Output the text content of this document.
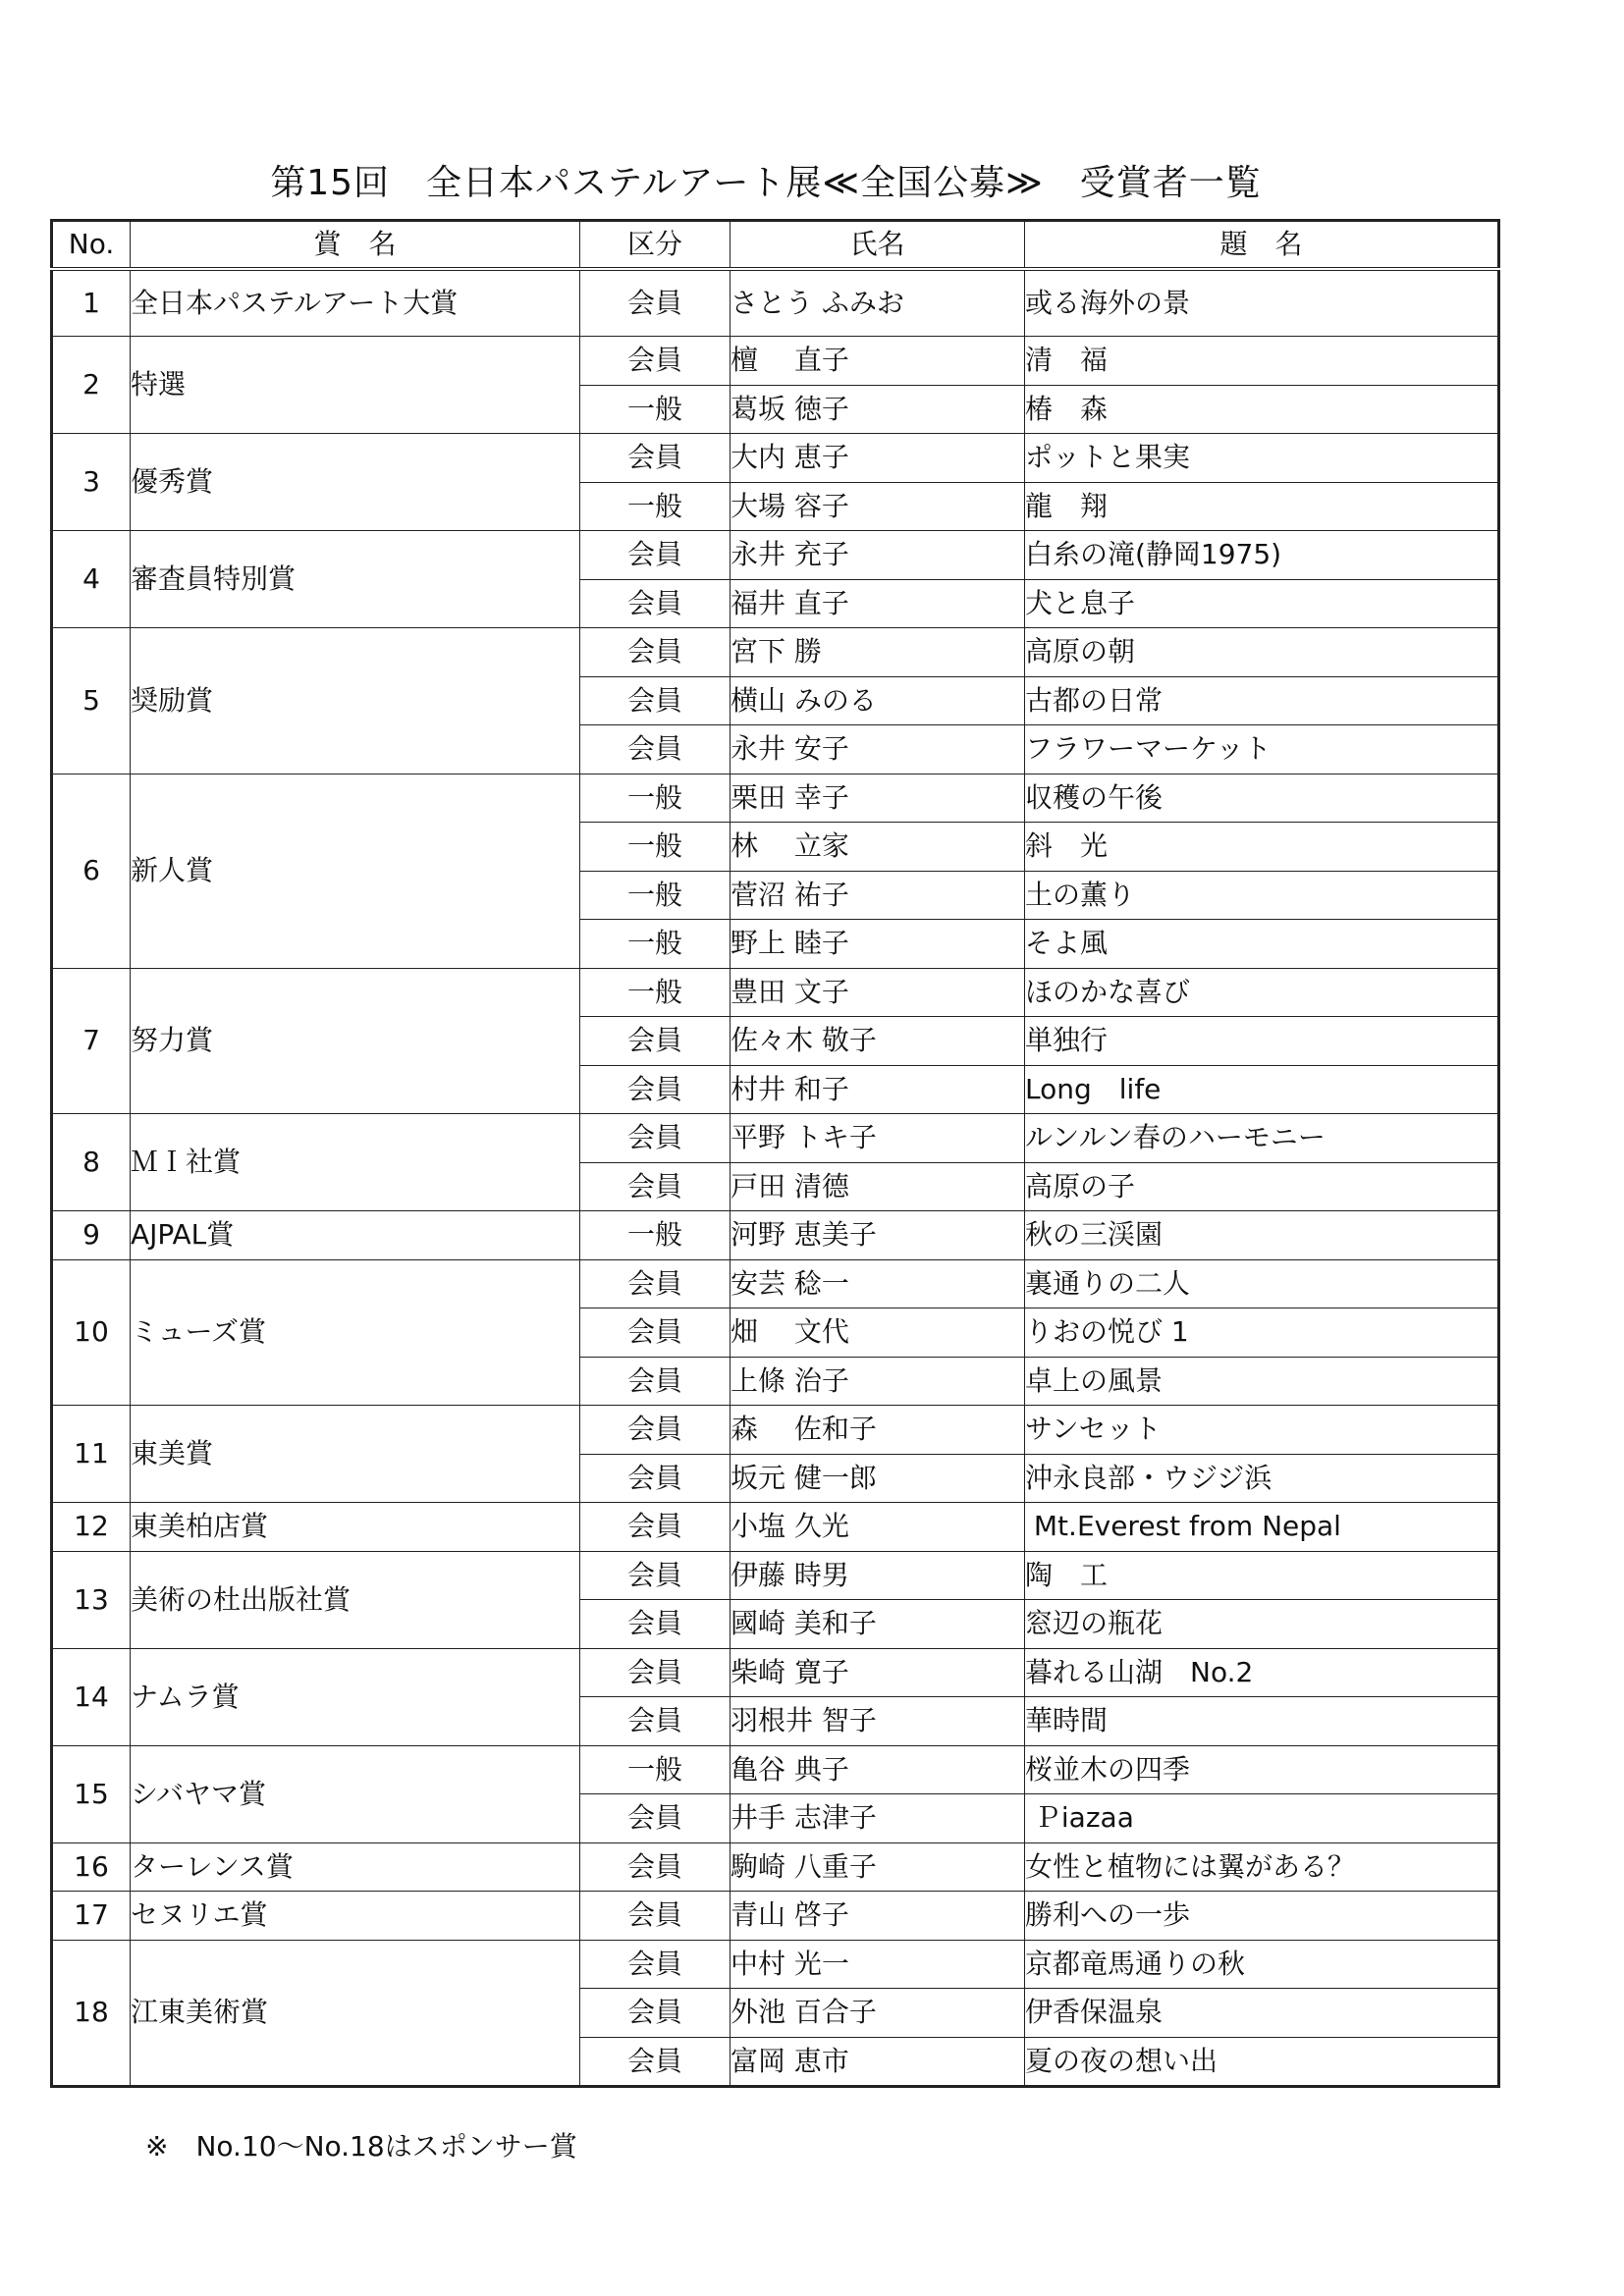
第15回　全日本パステルアート展≪全国公募≫　受賞者一覧
No.	賞　名	区分	氏名	題　名
1	全日本パステルアート大賞	会員	さとう ふみお	或る海外の景
2	特選	会員	檀　 直子	清　福
		一般	葛坂 徳子	椿　森
3	優秀賞	会員	大内 恵子	ポットと果実
		一般	大場 容子	龍　翔
4	審査員特別賞	会員	永井 充子	白糸の滝(静岡1975)
		会員	福井 直子	犬と息子
5	奨励賞	会員	宮下 勝	高原の朝
		会員	横山 みのる	古都の日常
		会員	永井 安子	フラワーマーケット
6	新人賞	一般	栗田 幸子	収穫の午後
		一般	林　 立家	斜　光
		一般	菅沼 祐子	土の薫り
		一般	野上 睦子	そよ風
7	努力賞	一般	豊田 文子	ほのかな喜び
		会員	佐々木 敬子	単独行
		会員	村井 和子	Long　life
8	ＭＩ社賞	会員	平野 トキ子	ルンルン春のハーモニー
		会員	戸田 清德	高原の子
9	AJPAL賞	一般	河野 恵美子	秋の三渓園
10	ミューズ賞	会員	安芸 稔一	裏通りの二人
		会員	畑　 文代	りおの悦び 1
		会員	上條 治子	卓上の風景
11	東美賞	会員	森　 佐和子	サンセット
		会員	坂元 健一郎	沖永良部・ウジジ浜
12	東美柏店賞	会員	小塩 久光	Mt.Everest from Nepal
13	美術の杜出版社賞	会員	伊藤 時男	陶　工
		会員	國崎 美和子	窓辺の瓶花
14	ナムラ賞	会員	柴崎 寛子	暮れる山湖　No.2
		会員	羽根井 智子	華時間
15	シバヤマ賞	一般	亀谷 典子	桜並木の四季
		会員	井手 志津子	Ｐiazaa
16	ターレンス賞	会員	駒崎 八重子	女性と植物には翼がある？
17	セヌリエ賞	会員	青山 啓子	勝利への一歩
18	江東美術賞	会員	中村 光一	京都竜馬通りの秋
		会員	外池 百合子	伊香保温泉
		会員	富岡 恵市	夏の夜の想い出
※　No.10～No.18はスポンサー賞
